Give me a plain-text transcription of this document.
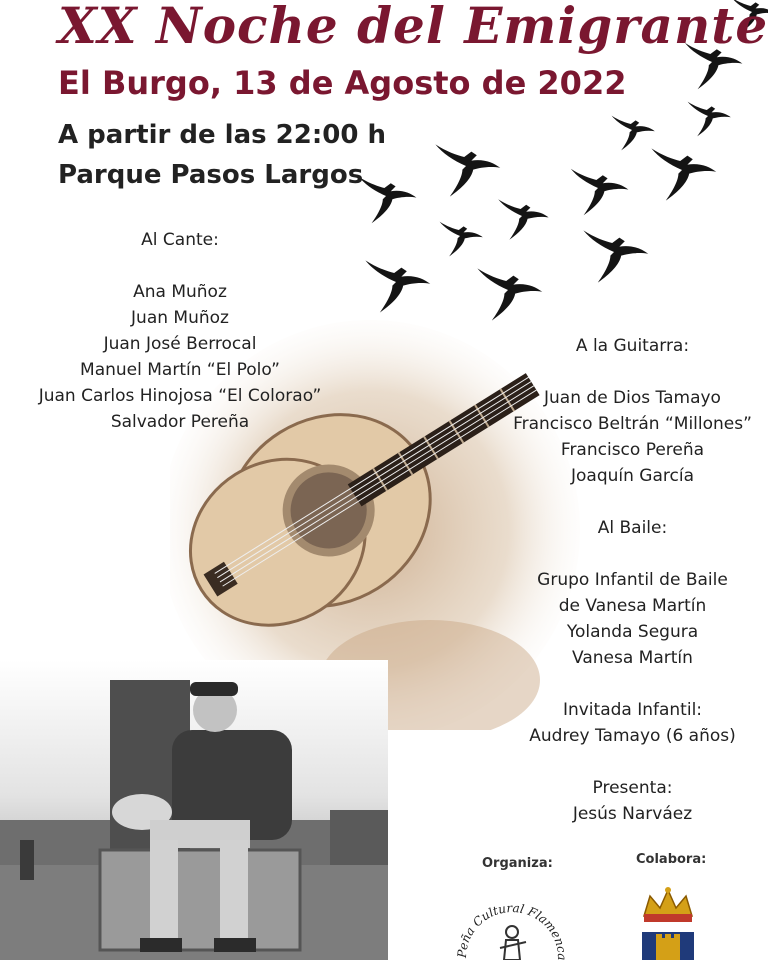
XX Noche del Emigrante
El Burgo, 13 de Agosto de 2022
A partir de las 22:00 h
Parque Pasos Largos
Al Cante:
Ana Muñoz
Juan Muñoz
Juan José Berrocal
Manuel Martín “El Polo”
Juan Carlos Hinojosa “El Colorao”
Salvador Pereña
A la Guitarra:
Juan de Dios Tamayo
Francisco Beltrán “Millones”
Francisco Pereña
Joaquín García
Al Baile:
Grupo Infantil de Baile
de Vanesa Martín
Yolanda Segura
Vanesa Martín
Invitada Infantil:
Audrey Tamayo (6 años)
Presenta:
Jesús Narváez
Organiza:	Colabora:
Peña Cultural Flamenca
